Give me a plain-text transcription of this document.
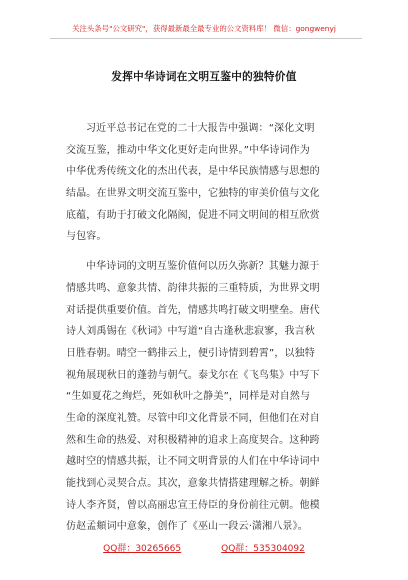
关注头条号"公文研究"，获得最新最全最专业的公文资料库！ 微信：gongwenyj
发挥中华诗词在文明互鉴中的独特价值
习近平总书记在党的二十大报告中强调：“深化文明
交流互鉴，推动中华文化更好走向世界。”中华诗词作为
中华优秀传统文化的杰出代表，是中华民族情感与思想的
结晶。在世界文明交流互鉴中，它独特的审美价值与文化
底蕴，有助于打破文化隔阂，促进不同文明间的相互欣赏
与包容。
中华诗词的文明互鉴价值何以历久弥新？其魅力源于
情感共鸣、意象共情、韵律共振的三重特质，为世界文明
对话提供重要价值。首先，情感共鸣打破文明壁垒。唐代
诗人刘禹锡在《秋词》中写道“自古逢秋悲寂寥，我言秋
日胜春朝。晴空一鹤排云上，便引诗情到碧霄”，以独特
视角展现秋日的蓬勃与朝气。泰戈尔在《飞鸟集》中写下
“生如夏花之绚烂，死如秋叶之静美”，同样是对自然与
生命的深度礼赞。尽管中印文化背景不同，但他们在对自
然和生命的热爱、对积极精神的追求上高度契合。这种跨
越时空的情感共振，让不同文明背景的人们在中华诗词中
能找到心灵契合点。其次，意象共情搭建理解之桥。朝鲜
诗人李齐贤，曾以高丽忠宣王侍臣的身份前往元朝。他模
仿赵孟頫词中意象，创作了《巫山一段云·潇湘八景》。
QQ群：30265665	QQ群：535304092
